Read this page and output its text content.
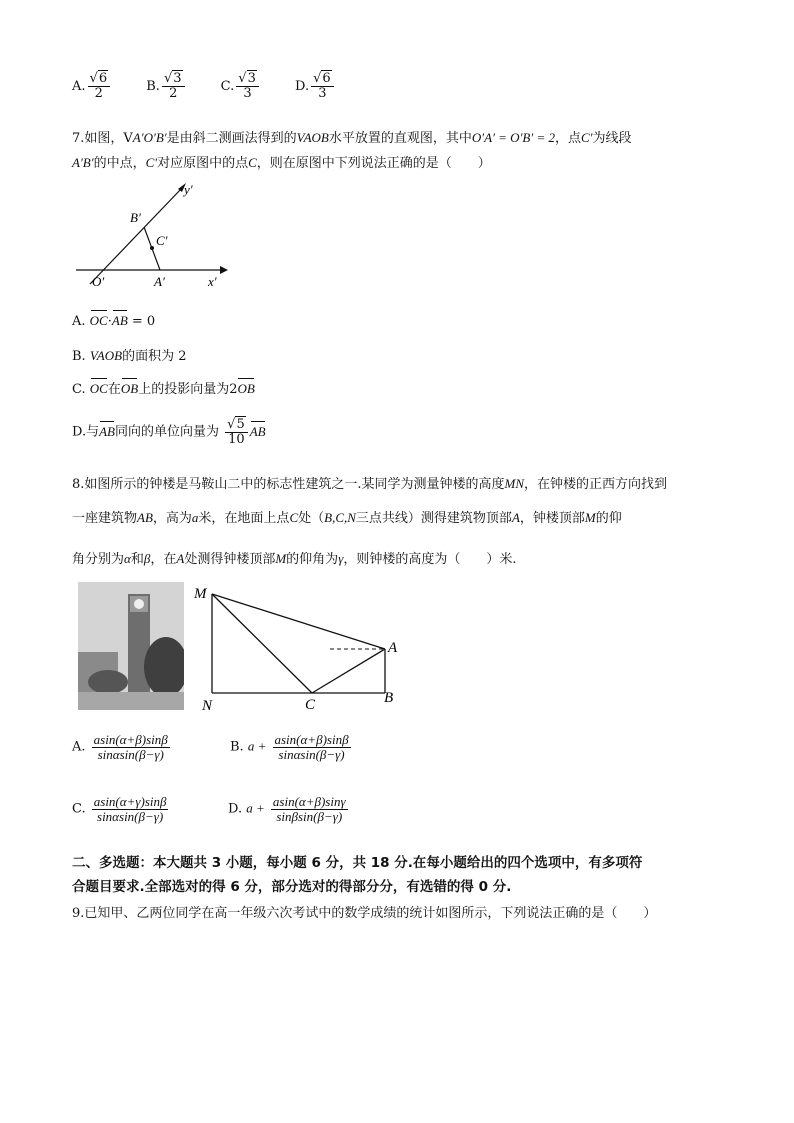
A. $\frac{√6}{2}$
	B. $\frac{√3}{2}$
	C. $\frac{√3}{3}$
	D. $\frac{√6}{3}$
7.如图，VA′O′B′是由斜二测画法得到的VAOB水平放置的直观图，其中O′A′ = O′B′ = 2，点C′为线段
A′B′的中点，C′对应原图中的点C，则在原图中下列说法正确的是（　　）
y′
x′
O′	A′
B′
C′
A. OC·AB = 0
B. VAOB的面积为 2
C. OC在OB上的投影向量为2OB
D.与AB同向的单位向量为 $\frac{√5}{10}$ AB
8.如图所示的钟楼是马鞍山二中的标志性建筑之一.某同学为测量钟楼的高度MN，在钟楼的正西方向找到
一座建筑物AB，高为a米，在地面上点C处（B,C,N三点共线）测得建筑物顶部A，钟楼顶部M的仰
角分别为α和β，在A处测得钟楼顶部M的仰角为γ，则钟楼的高度为（　　）米.
M
N
A
B
C
A. $\frac{asin(\alpha+\beta)\sin\beta}{\sin\alpha\sin(\beta-\gamma)}$	B. $a + \frac{asin(\alpha+\beta)\sin\beta}{\sin\alpha\sin(\beta-\gamma)}$
C. $\frac{asin(\alpha+\gamma)\sin\beta}{\sin\alpha\sin(\beta-\gamma)}$	D. $a + \frac{asin(\alpha+\beta)\sin\gamma}{\sin\beta\sin(\beta-\gamma)}$
二、多选题：本大题共 3 小题，每小题 6 分，共 18 分.在每小题给出的四个选项中，有多项符
合题目要求.全部选对的得 6 分，部分选对的得部分分，有选错的得 0 分.
9.已知甲、乙两位同学在高一年级六次考试中的数学成绩的统计如图所示，下列说法正确的是（　　）
